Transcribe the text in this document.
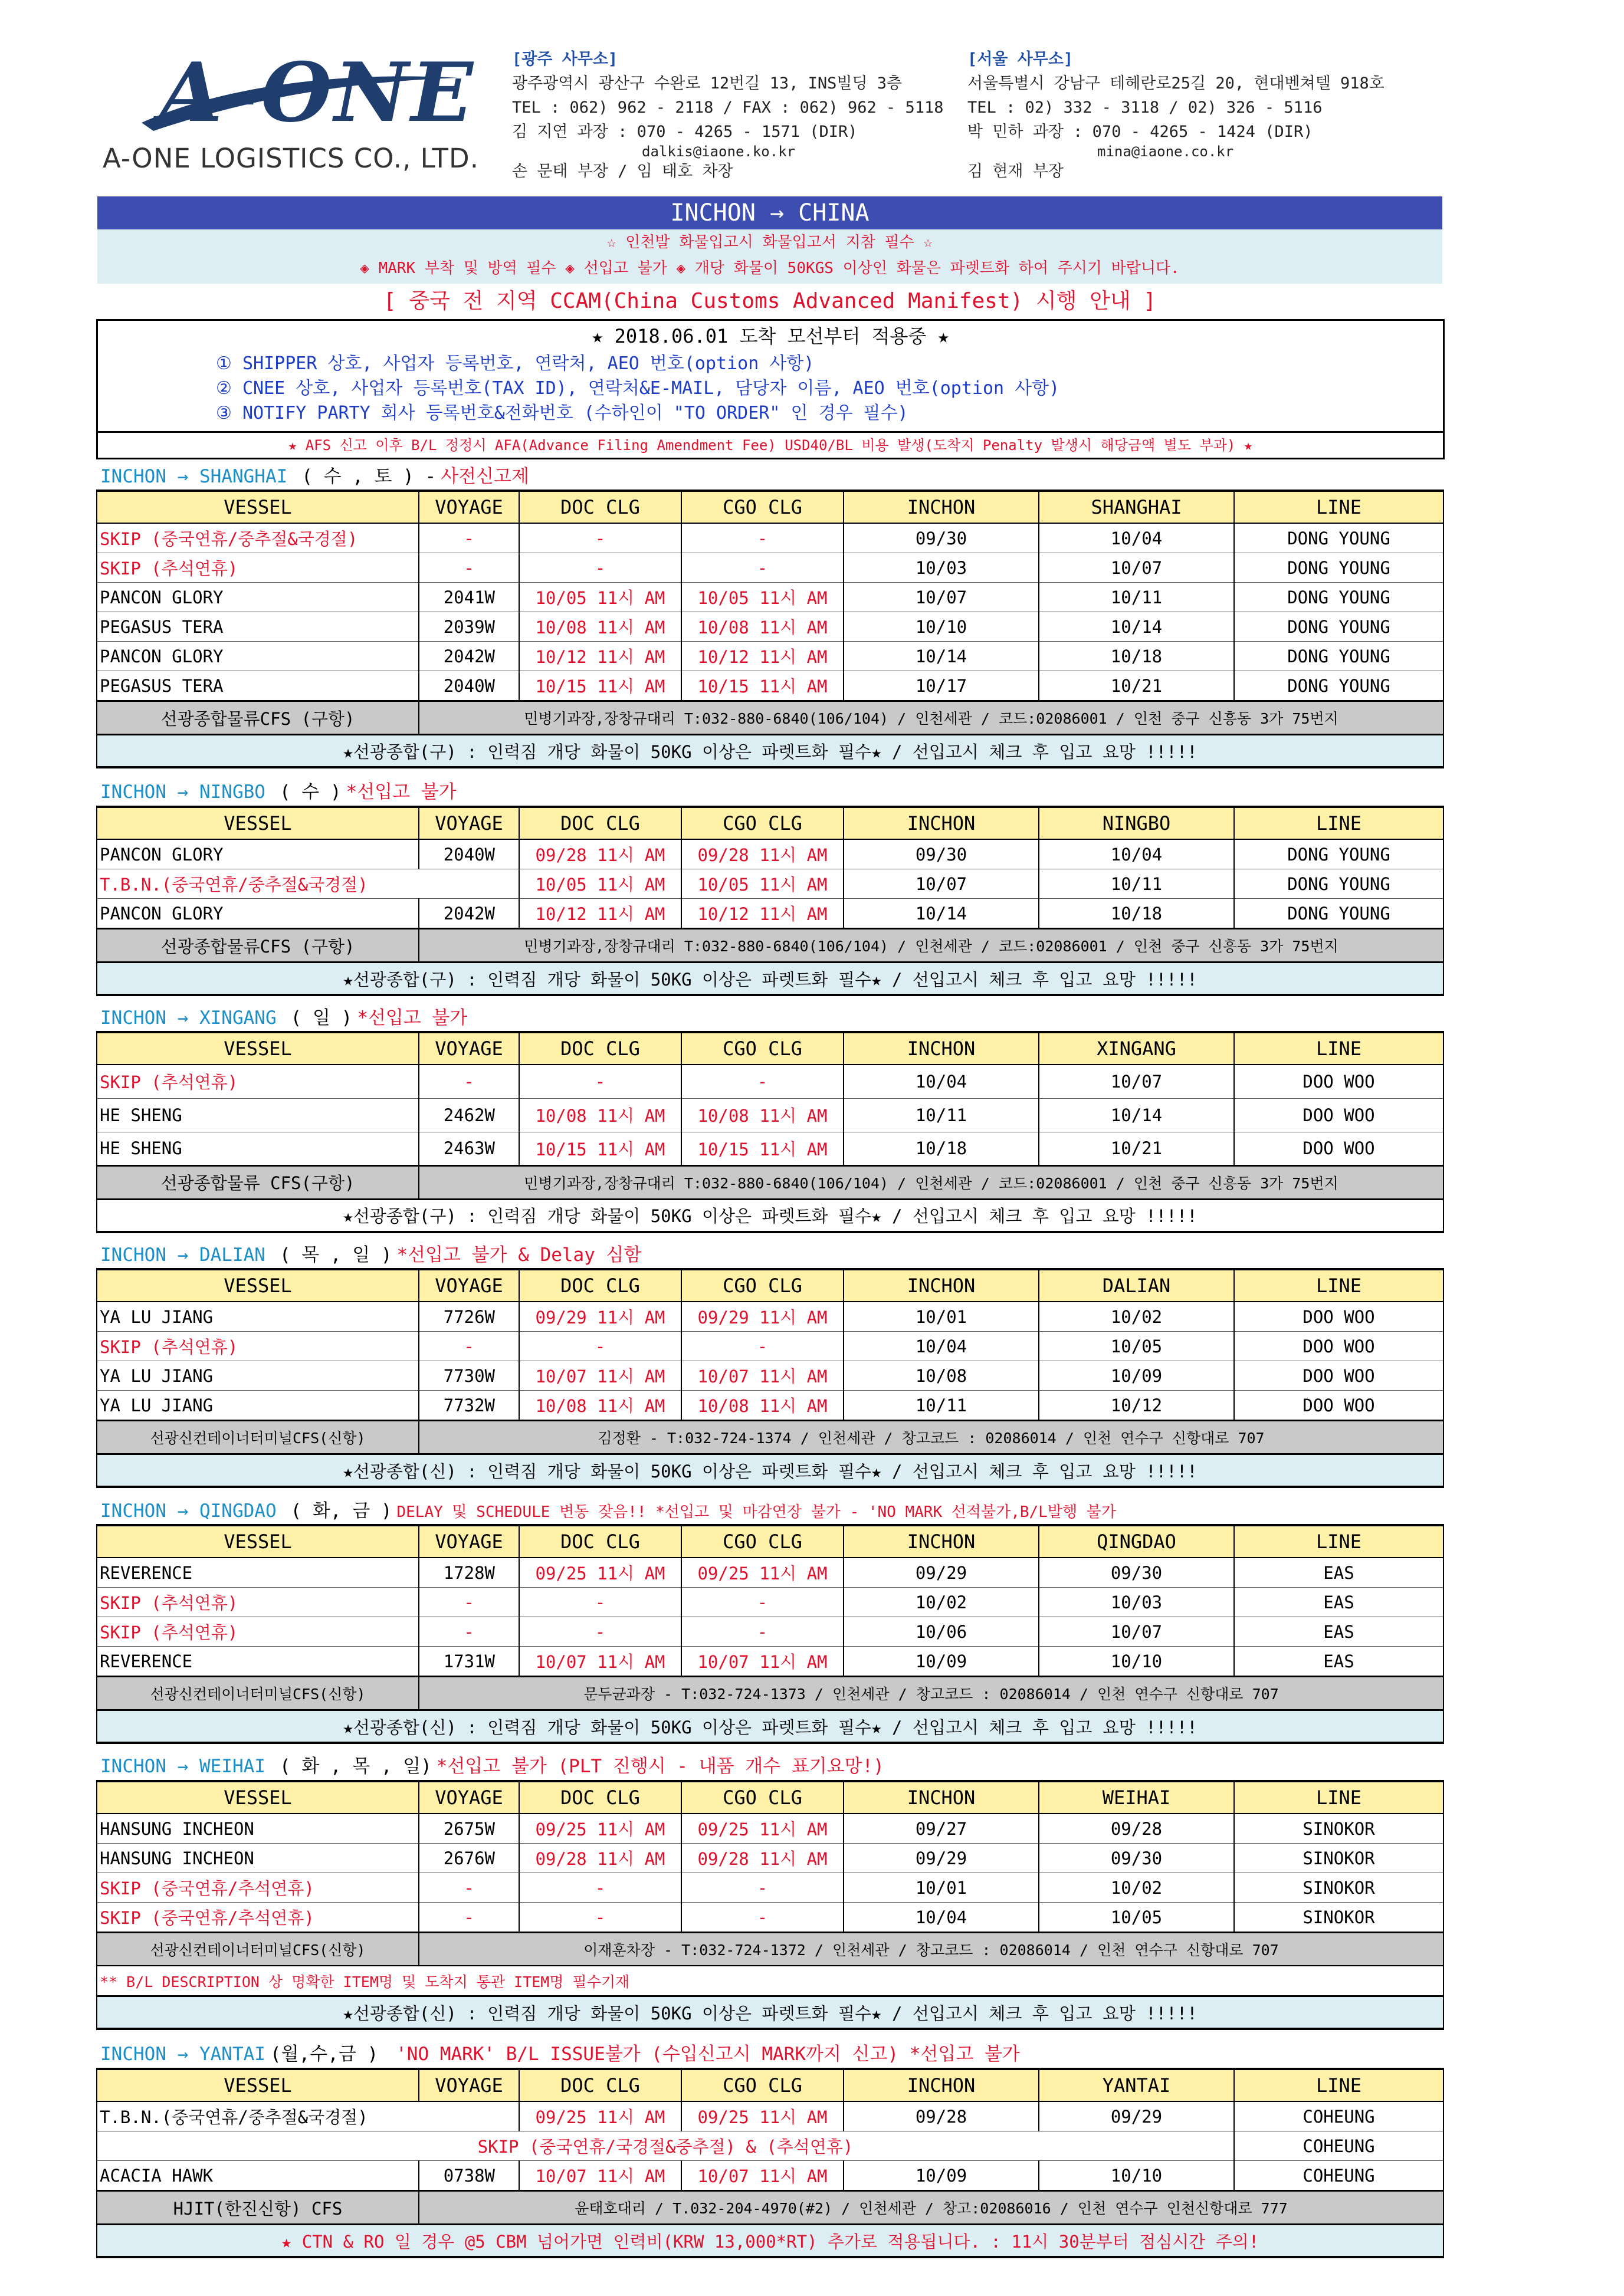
A-ONE
A-ONE LOGISTICS CO., LTD.
[광주 사무소]
광주광역시 광산구 수완로 12번길 13, INS빌딩 3층
TEL : 062) 962 - 2118 / FAX : 062) 962 - 5118
김 지연 과장 : 070 - 4265 - 1571 (DIR)
dalkis@iaone.ko.kr
손 문태 부장 / 임 태호 차장
[서울 사무소]
서울특별시 강남구 테헤란로25길 20, 현대벤쳐텔 918호
TEL : 02) 332 - 3118 / 02) 326 - 5116
박 민하 과장 : 070 - 4265 - 1424 (DIR)
mina@iaone.co.kr
김 현재 부장
INCHON → CHINA
☆ 인천발 화물입고시 화물입고서 지참 필수 ☆
◈ MARK 부착 및 방역 필수 ◈ 선입고 불가 ◈ 개당 화물이 50KGS 이상인 화물은 파렛트화 하여 주시기 바랍니다.
[ 중국 전 지역 CCAM(China Customs Advanced Manifest) 시행 안내 ]
★ 2018.06.01 도착 모선부터 적용중 ★
① SHIPPER 상호, 사업자 등록번호, 연락처, AEO 번호(option 사항)
② CNEE 상호, 사업자 등록번호(TAX ID), 연락처&E-MAIL, 담당자 이름, AEO 번호(option 사항)
③ NOTIFY PARTY 회사 등록번호&전화번호 (수하인이 "TO ORDER" 인 경우 필수)
★ AFS 신고 이후 B/L 정정시 AFA(Advance Filing Amendment Fee) USD40/BL 비용 발생(도착지 Penalty 발생시 해당금액 별도 부과) ★
INCHON → SHANGHAI ( 수 , 토 ) - 사전신고제
VESSEL	VOYAGE	DOC CLG	CGO CLG	INCHON	SHANGHAI	LINE
SKIP (중국연휴/중추절&국경절)	-	-	-	09/30	10/04	DONG YOUNG
SKIP (추석연휴)	-	-	-	10/03	10/07	DONG YOUNG
PANCON GLORY	2041W	10/05 11시 AM	10/05 11시 AM	10/07	10/11	DONG YOUNG
PEGASUS TERA	2039W	10/08 11시 AM	10/08 11시 AM	10/10	10/14	DONG YOUNG
PANCON GLORY	2042W	10/12 11시 AM	10/12 11시 AM	10/14	10/18	DONG YOUNG
PEGASUS TERA	2040W	10/15 11시 AM	10/15 11시 AM	10/17	10/21	DONG YOUNG
선광종합물류CFS (구항)	민병기과장,장창규대리 T:032-880-6840(106/104) / 인천세관 / 코드:02086001 / 인천 중구 신흥동 3가 75번지					
★선광종합(구) : 인력짐 개당 화물이 50KG 이상은 파렛트화 필수★ / 선입고시 체크 후 입고 요망 !!!!!						
INCHON → NINGBO ( 수 ) *선입고 불가
VESSEL	VOYAGE	DOC CLG	CGO CLG	INCHON	NINGBO	LINE
PANCON GLORY	2040W	09/28 11시 AM	09/28 11시 AM	09/30	10/04	DONG YOUNG
T.B.N.(중국연휴/중추절&국경절)		10/05 11시 AM	10/05 11시 AM	10/07	10/11	DONG YOUNG
PANCON GLORY	2042W	10/12 11시 AM	10/12 11시 AM	10/14	10/18	DONG YOUNG
선광종합물류CFS (구항)	민병기과장,장창규대리 T:032-880-6840(106/104) / 인천세관 / 코드:02086001 / 인천 중구 신흥동 3가 75번지					
★선광종합(구) : 인력짐 개당 화물이 50KG 이상은 파렛트화 필수★ / 선입고시 체크 후 입고 요망 !!!!!						
INCHON → XINGANG ( 일 ) *선입고 불가
VESSEL	VOYAGE	DOC CLG	CGO CLG	INCHON	XINGANG	LINE
SKIP (추석연휴)	-	-	-	10/04	10/07	DOO WOO
HE SHENG	2462W	10/08 11시 AM	10/08 11시 AM	10/11	10/14	DOO WOO
HE SHENG	2463W	10/15 11시 AM	10/15 11시 AM	10/18	10/21	DOO WOO
선광종합물류 CFS(구항)	민병기과장,장창규대리 T:032-880-6840(106/104) / 인천세관 / 코드:02086001 / 인천 중구 신흥동 3가 75번지					
★선광종합(구) : 인력짐 개당 화물이 50KG 이상은 파렛트화 필수★ / 선입고시 체크 후 입고 요망 !!!!!						
INCHON → DALIAN ( 목 , 일 ) *선입고 불가 & Delay 심함
VESSEL	VOYAGE	DOC CLG	CGO CLG	INCHON	DALIAN	LINE
YA LU JIANG	7726W	09/29 11시 AM	09/29 11시 AM	10/01	10/02	DOO WOO
SKIP (추석연휴)	-	-	-	10/04	10/05	DOO WOO
YA LU JIANG	7730W	10/07 11시 AM	10/07 11시 AM	10/08	10/09	DOO WOO
YA LU JIANG	7732W	10/08 11시 AM	10/08 11시 AM	10/11	10/12	DOO WOO
선광신컨테이너터미널CFS(신항)	김정환 - T:032-724-1374 / 인천세관 / 창고코드 : 02086014 / 인천 연수구 신항대로 707					
★선광종합(신) : 인력짐 개당 화물이 50KG 이상은 파렛트화 필수★ / 선입고시 체크 후 입고 요망 !!!!!						
INCHON → QINGDAO ( 화, 금 ) DELAY 및 SCHEDULE 변동 잦음!! *선입고 및 마감연장 불가 - 'NO MARK 선적불가,B/L발행 불가
VESSEL	VOYAGE	DOC CLG	CGO CLG	INCHON	QINGDAO	LINE
REVERENCE	1728W	09/25 11시 AM	09/25 11시 AM	09/29	09/30	EAS
SKIP (추석연휴)	-	-	-	10/02	10/03	EAS
SKIP (추석연휴)	-	-	-	10/06	10/07	EAS
REVERENCE	1731W	10/07 11시 AM	10/07 11시 AM	10/09	10/10	EAS
선광신컨테이너터미널CFS(신항)	문두균과장 - T:032-724-1373 / 인천세관 / 창고코드 : 02086014 / 인천 연수구 신항대로 707					
★선광종합(신) : 인력짐 개당 화물이 50KG 이상은 파렛트화 필수★ / 선입고시 체크 후 입고 요망 !!!!!						
INCHON → WEIHAI ( 화 , 목 , 일) *선입고 불가 (PLT 진행시 - 내품 개수 표기요망!)
VESSEL	VOYAGE	DOC CLG	CGO CLG	INCHON	WEIHAI	LINE
HANSUNG INCHEON	2675W	09/25 11시 AM	09/25 11시 AM	09/27	09/28	SINOKOR
HANSUNG INCHEON	2676W	09/28 11시 AM	09/28 11시 AM	09/29	09/30	SINOKOR
SKIP (중국연휴/추석연휴)	-	-	-	10/01	10/02	SINOKOR
SKIP (중국연휴/추석연휴)	-	-	-	10/04	10/05	SINOKOR
선광신컨테이너터미널CFS(신항)	이재훈차장 - T:032-724-1372 / 인천세관 / 창고코드 : 02086014 / 인천 연수구 신항대로 707					
** B/L DESCRIPTION 상 명확한 ITEM명 및 도착지 통관 ITEM명 필수기재						
★선광종합(신) : 인력짐 개당 화물이 50KG 이상은 파렛트화 필수★ / 선입고시 체크 후 입고 요망 !!!!!						
INCHON → YANTAI (월,수,금 ) 'NO MARK' B/L ISSUE불가 (수입신고시 MARK까지 신고) *선입고 불가
VESSEL	VOYAGE	DOC CLG	CGO CLG	INCHON	YANTAI	LINE
T.B.N.(중국연휴/중추절&국경절)		09/25 11시 AM	09/25 11시 AM	09/28	09/29	COHEUNG
SKIP (중국연휴/국경절&중추절) & (추석연휴)						COHEUNG
ACACIA HAWK	0738W	10/07 11시 AM	10/07 11시 AM	10/09	10/10	COHEUNG
HJIT(한진신항) CFS	윤태호대리 / T.032-204-4970(#2) / 인천세관 / 창고:02086016 / 인천 연수구 인천신항대로 777					
★ CTN & RO 일 경우 @5 CBM 넘어가면 인력비(KRW 13,000*RT) 추가로 적용됩니다. : 11시 30분부터 점심시간 주의!						
